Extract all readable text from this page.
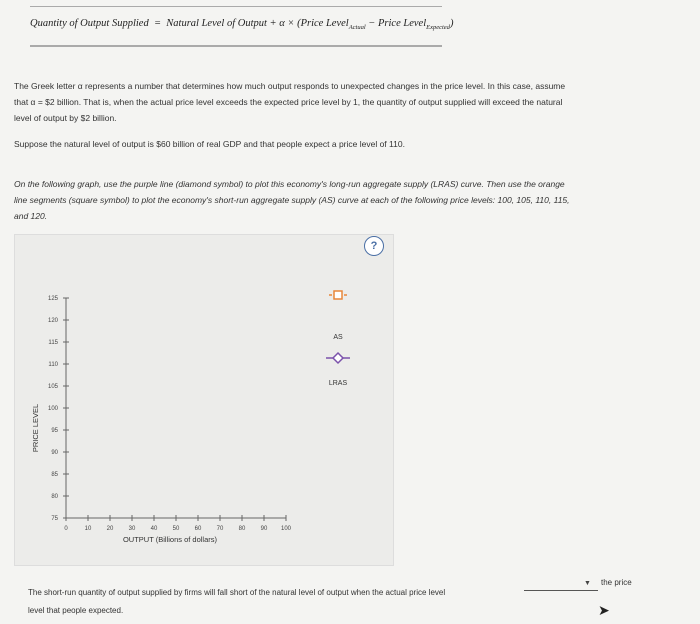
Quantity of Output Supplied = Natural Level of Output + α × (Price Level$_{Actual}$ − Price Level$_{Expected}$)
The Greek letter α represents a number that determines how much output responds to unexpected changes in the price level. In this case, assume
that α = $2 billion. That is, when the actual price level exceeds the expected price level by 1, the quantity of output supplied will exceed the natural
level of output by $2 billion.
Suppose the natural level of output is $60 billion of real GDP and that people expect a price level of 110.
On the following graph, use the purple line (diamond symbol) to plot this economy's long-run aggregate supply (LRAS) curve. Then use the orange
line segments (square symbol) to plot the economy's short-run aggregate supply (AS) curve at each of the following price levels: 100, 105, 110, 115,
and 120.
?
75
80
85
90
95
100
105
110
115
120
125
0	10	20	30	40	50	60	70	80	90 100
OUTPUT (Billions of dollars)
PRICE LEVEL
AS
LRAS
The short-run quantity of output supplied by firms will fall short of the natural level of output when the actual price level
▼ the price
level that people expected.	➤
